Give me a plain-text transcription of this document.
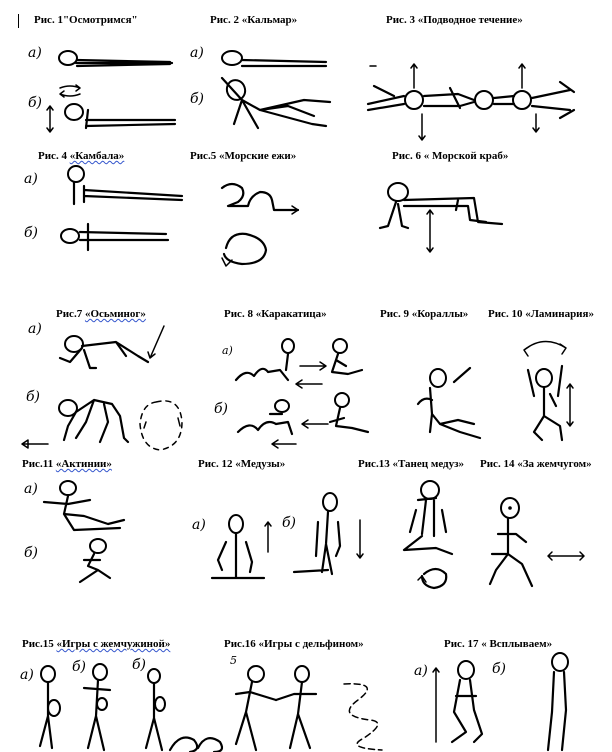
Рис. 1"Осмотримся"	Рис. 2 «Кальмар»	Рис. 3 «Подводное течение»
Рис. 4 «Камбала»	Рис.5 «Морские ежи»	Рис. 6 « Морской краб»
Рис.7 «Осьминог»	Рис. 8 «Каракатица»	Рис. 9 «Кораллы» Рис. 10 «Ламинария»
Рис.11 «Актинии»	Рис. 12 «Медузы»	Рис.13 «Танец медуз» Рис. 14 «За жемчугом»
Рис.15 «Игры с жемчужиной»	Рис.16 «Игры с дельфином»	Рис. 17 « Всплываем»
а)
б)
а)
б)
а)
б)
а)
б)
а)
б)
а)
б)
а)	б)
а)	б)	б)	5
а)	б)
